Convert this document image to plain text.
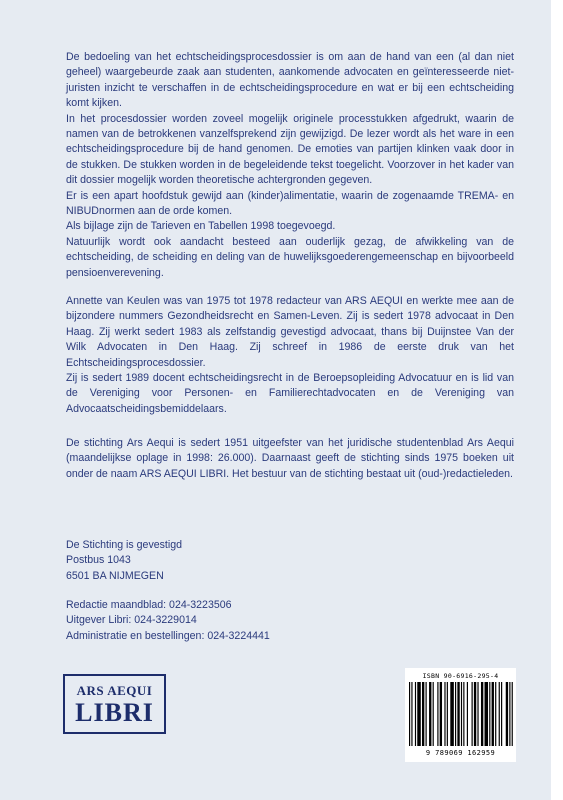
De bedoeling van het echtscheidingsprocesdossier is om aan de hand van een (al dan niet geheel) waargebeurde zaak aan studenten, aankomende advocaten en geïnteresseerde niet-juristen inzicht te verschaffen in de echtscheidingsprocedure en wat er bij een echtscheiding komt kijken.

In het procesdossier worden zoveel mogelijk originele processtukken afgedrukt, waarin de namen van de betrokkenen vanzelfsprekend zijn gewijzigd. De lezer wordt als het ware in een echtscheidingsprocedure bij de hand genomen. De emoties van partijen klinken vaak door in de stukken. De stukken worden in de begeleidende tekst toegelicht. Voorzover in het kader van dit dossier mogelijk worden theoretische achtergronden gegeven.

Er is een apart hoofdstuk gewijd aan (kinder)alimentatie, waarin de zogenaamde TREMA- en NIBUDnormen aan de orde komen.

Als bijlage zijn de Tarieven en Tabellen 1998 toegevoegd.

Natuurlijk wordt ook aandacht besteed aan ouderlijk gezag, de afwikkeling van de echtscheiding, de scheiding en deling van de huwelijksgoederengemeenschap en bijvoorbeeld pensioenverevening.

Annette van Keulen was van 1975 tot 1978 redacteur van ARS AEQUI en werkte mee aan de bijzondere nummers Gezondheidsrecht en Samen-Leven. Zij is sedert 1978 advocaat in Den Haag. Zij werkt sedert 1983 als zelfstandig gevestigd advocaat, thans bij Duijnstee Van der Wilk Advocaten in Den Haag. Zij schreef in 1986 de eerste druk van het Echtscheidingsprocesdossier.

Zij is sedert 1989 docent echtscheidingsrecht in de Beroepsopleiding Advocatuur en is lid van de Vereniging voor Personen- en Familierechtadvocaten en de Vereniging van Advocaatscheidingsbemiddelaars.

De stichting Ars Aequi is sedert 1951 uitgeefster van het juridische studentenblad Ars Aequi (maandelijkse oplage in 1998: 26.000). Daarnaast geeft de stichting sinds 1975 boeken uit onder de naam ARS AEQUI LIBRI. Het bestuur van de stichting bestaat uit (oud-)redactieleden.

De Stichting is gevestigd

Postbus 1043

6501 BA NIJMEGEN

Redactie maandblad: 024-3223506

Uitgever Libri: 024-3229014

Administratie en bestellingen: 024-3224441

ARS AEQUI
LIBRI
ISBN 90-6916-295-4
9 789069 162959
